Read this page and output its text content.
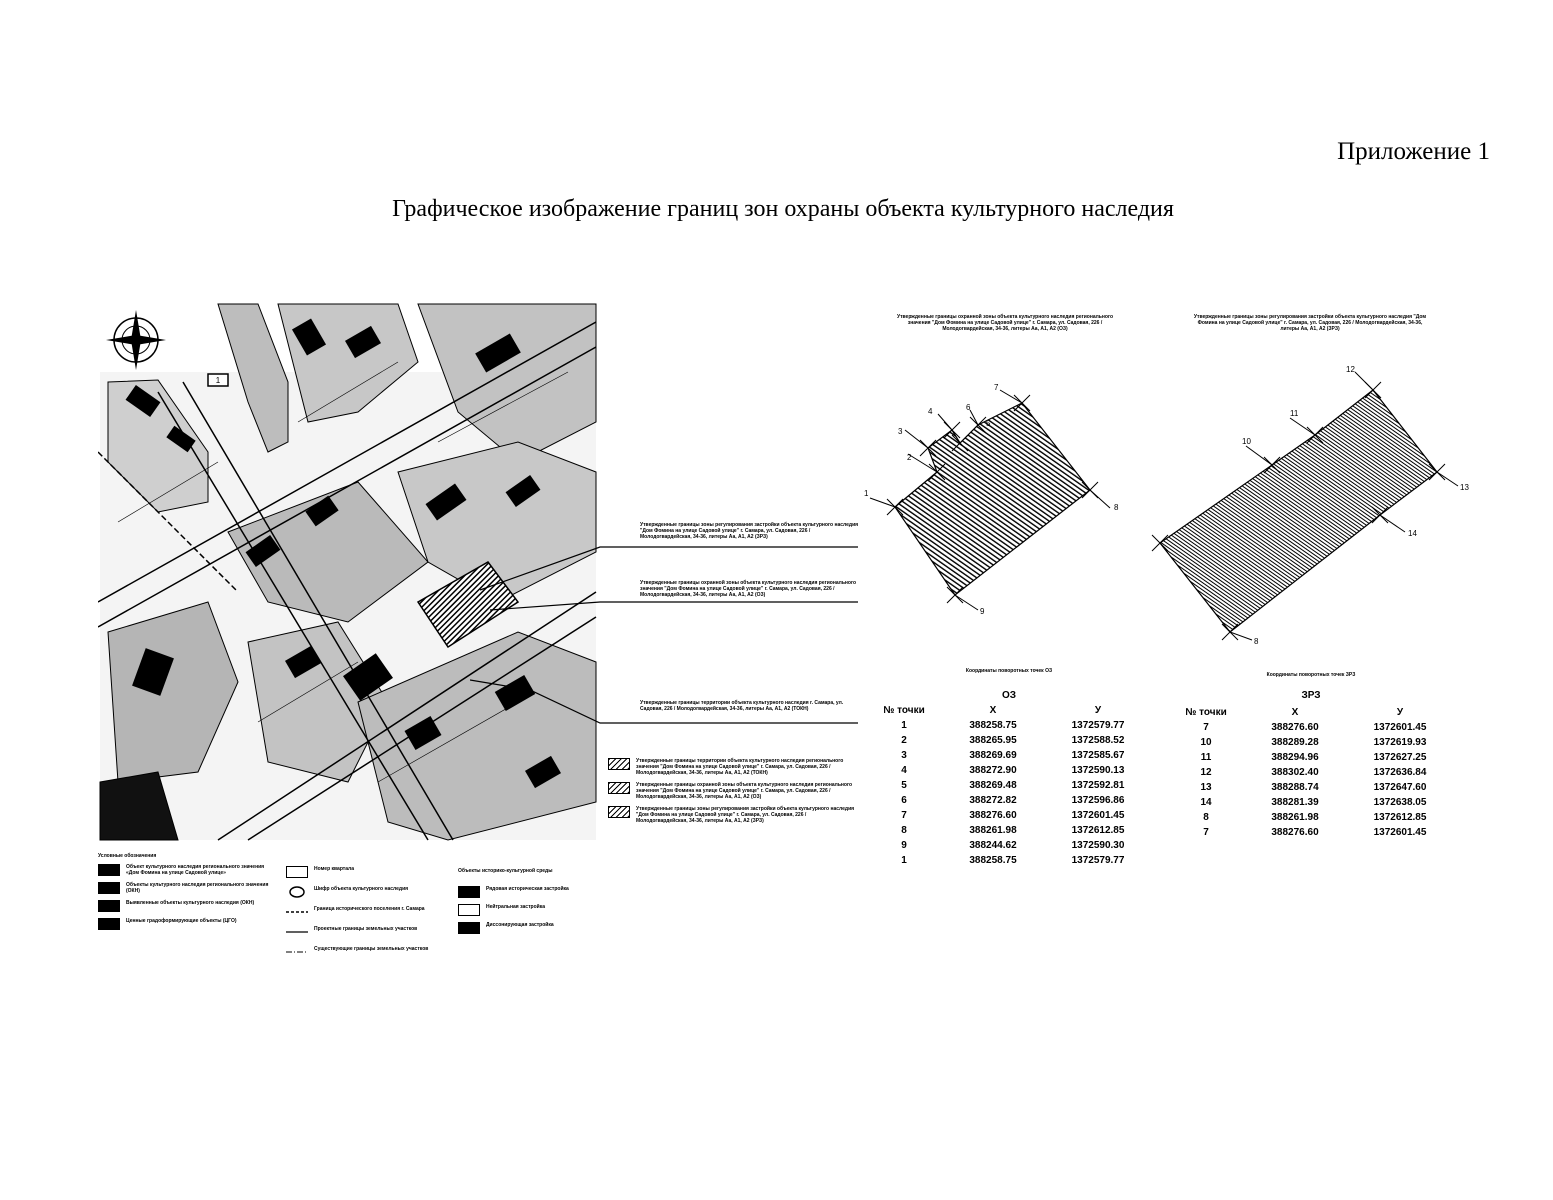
Приложение 1
Графическое изображение границ зон охраны объекта культурного наследия
1
Утвержденные границы зоны регулирования застройки объекта культурного наследия "Дом Фомина на улице Садовой улице" г. Самара, ул. Садовая, 226 / Молодогвардейская, 34-36, литеры Аа, А1, А2 (ЗРЗ)
Утвержденные границы охранной зоны объекта культурного наследия регионального значения "Дом Фомина на улице Садовой улице" г. Самара, ул. Садовая, 226 / Молодогвардейская, 34-36, литеры Аа, А1, А2 (ОЗ)
Утвержденные границы территории объекта культурного наследия г. Самара, ул. Садовая, 226 / Молодогвардейская, 34-36, литеры Аа, А1, А2 (ТОКН)
Утвержденные границы территории объекта культурного наследия регионального значения "Дом Фомина на улице Садовой улице" г. Самара, ул. Садовая, 226 / Молодогвардейская, 34-36, литеры Аа, А1, А2 (ТОКН)
Утвержденные границы охранной зоны объекта культурного наследия регионального значения "Дом Фомина на улице Садовой улице" г. Самара, ул. Садовая, 226 / Молодогвардейская, 34-36, литеры Аа, А1, А2 (ОЗ)
Утвержденные границы зоны регулирования застройки объекта культурного наследия "Дом Фомина на улице Садовой улице" г. Самара, ул. Садовая, 226 / Молодогвардейская, 34-36, литеры Аа, А1, А2 (ЗРЗ)
Условные обозначения
Объект культурного наследия регионального значения «Дом Фомина на улице Садовой улице»
Объекты культурного наследия регионального значения (ОКН)
Выявленные объекты культурного наследия (ОКН)
Ценные градоформирующие объекты (ЦГО)
Номер квартала
Шифр объекта культурного наследия
Граница исторического поселения г. Самара
Проектные границы земельных участков
Существующие границы земельных участков
Объекты историко-культурной среды
Рядовая историческая застройка
Нейтральная застройка
Диссонирующая застройка
Утвержденные границы охранной зоны объекта культурного наследия регионального значения "Дом Фомина на улице Садовой улице" г. Самара, ул. Садовая, 226 / Молодогвардейская, 34-36, литеры Аа, А1, А2 (ОЗ)
Утвержденные границы зоны регулирования застройки объекта культурного наследия "Дом Фомина на улице Садовой улице" г. Самара, ул. Садовая, 226 / Молодогвардейская, 34-36, литеры Аа, А1, А2 (ЗРЗ)
1
2
3
4
5
6
7
8
9
12
11
10
13
14
8
Координаты поворотных точек ОЗ
ОЗ
№ точки	X	У
1	388258.75	1372579.77
2	388265.95	1372588.52
3	388269.69	1372585.67
4	388272.90	1372590.13
5	388269.48	1372592.81
6	388272.82	1372596.86
7	388276.60	1372601.45
8	388261.98	1372612.85
9	388244.62	1372590.30
1	388258.75	1372579.77
Координаты поворотных точек ЗРЗ
ЗРЗ
№ точки	X	У
7	388276.60	1372601.45
10	388289.28	1372619.93
11	388294.96	1372627.25
12	388302.40	1372636.84
13	388288.74	1372647.60
14	388281.39	1372638.05
8	388261.98	1372612.85
7	388276.60	1372601.45
